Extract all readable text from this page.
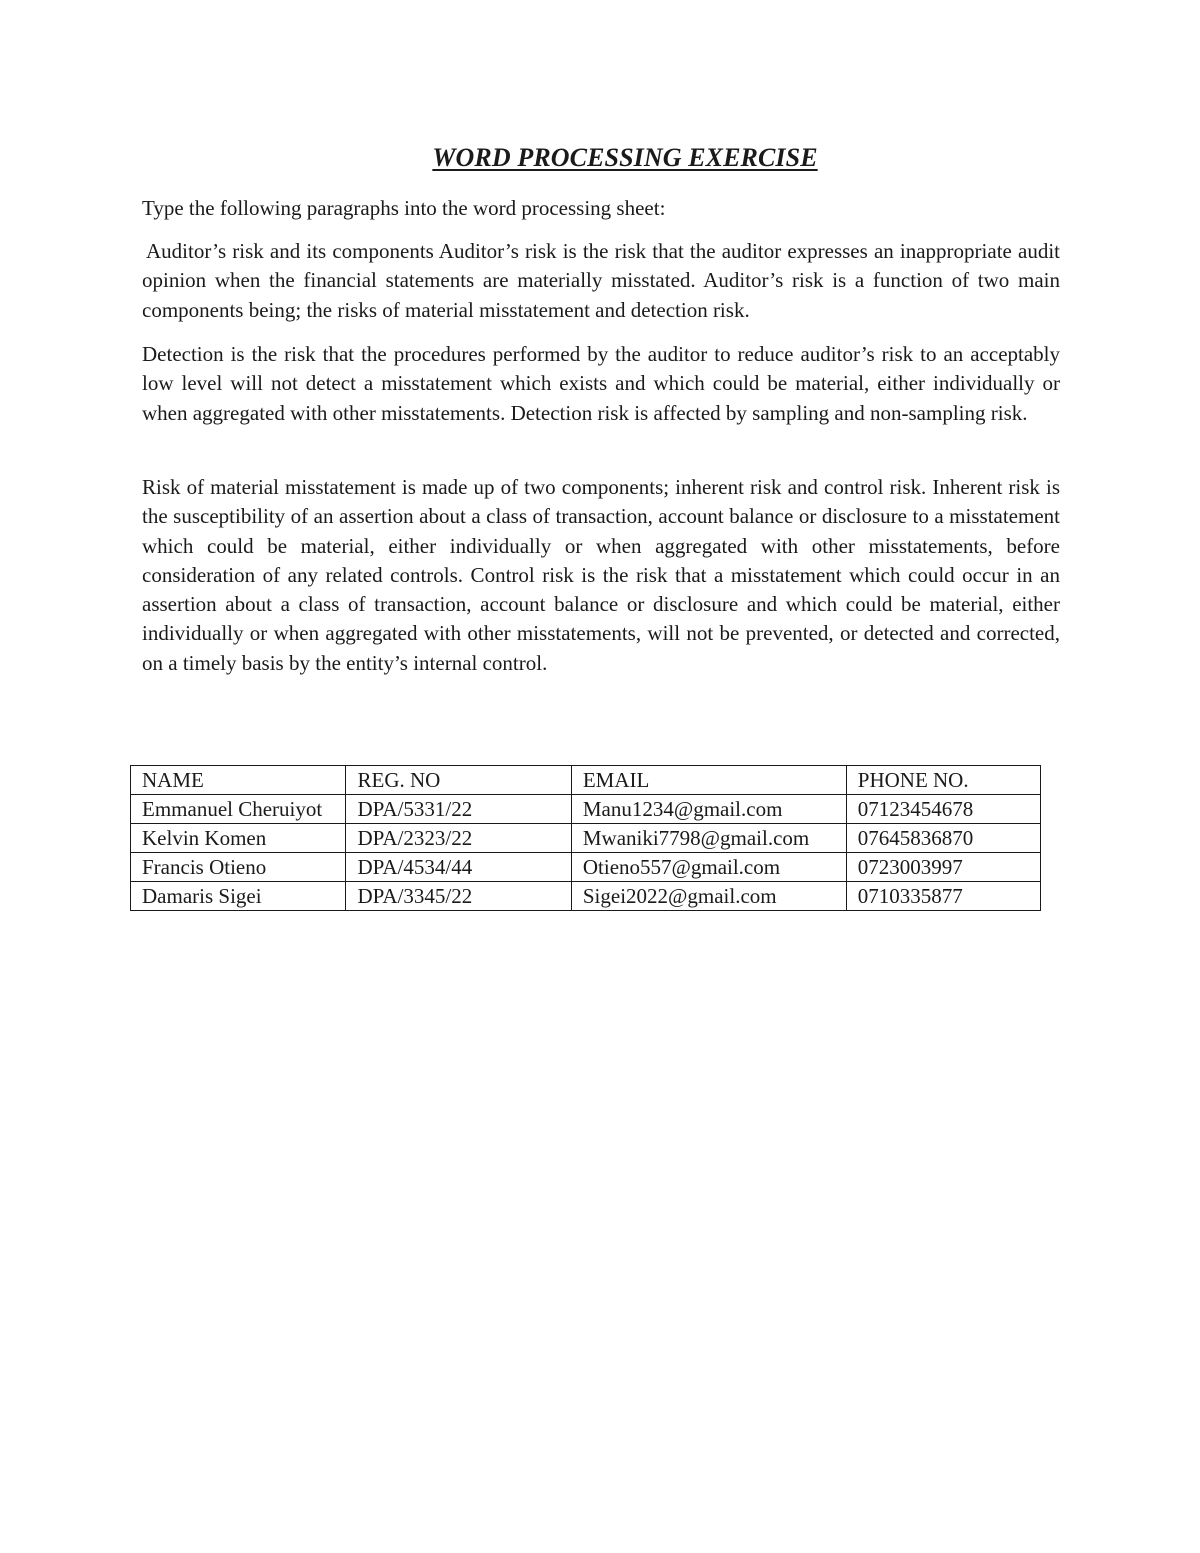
WORD PROCESSING EXERCISE
Type the following paragraphs into the word processing sheet:

Auditor’s risk and its components Auditor’s risk is the risk that the auditor expresses an inappropriate audit opinion when the financial statements are materially misstated. Auditor’s risk is a function of two main components being; the risks of material misstatement and detection risk.

Detection is the risk that the procedures performed by the auditor to reduce auditor’s risk to an acceptably low level will not detect a misstatement which exists and which could be material, either individually or when aggregated with other misstatements. Detection risk is affected by sampling and non-sampling risk.

Risk of material misstatement is made up of two components; inherent risk and control risk. Inherent risk is the susceptibility of an assertion about a class of transaction, account balance or disclosure to a misstatement which could be material, either individually or when aggregated with other misstatements, before consideration of any related controls. Control risk is the risk that a misstatement which could occur in an assertion about a class of transaction, account balance or disclosure and which could be material, either individually or when aggregated with other misstatements, will not be prevented, or detected and corrected, on a timely basis by the entity’s internal control.

NAME	REG. NO	EMAIL	PHONE NO.
Emmanuel Cheruiyot	DPA/5331/22	Manu1234@gmail.com	07123454678
Kelvin Komen	DPA/2323/22	Mwaniki7798@gmail.com	07645836870
Francis Otieno	DPA/4534/44	Otieno557@gmail.com	0723003997
Damaris Sigei	DPA/3345/22	Sigei2022@gmail.com	0710335877
